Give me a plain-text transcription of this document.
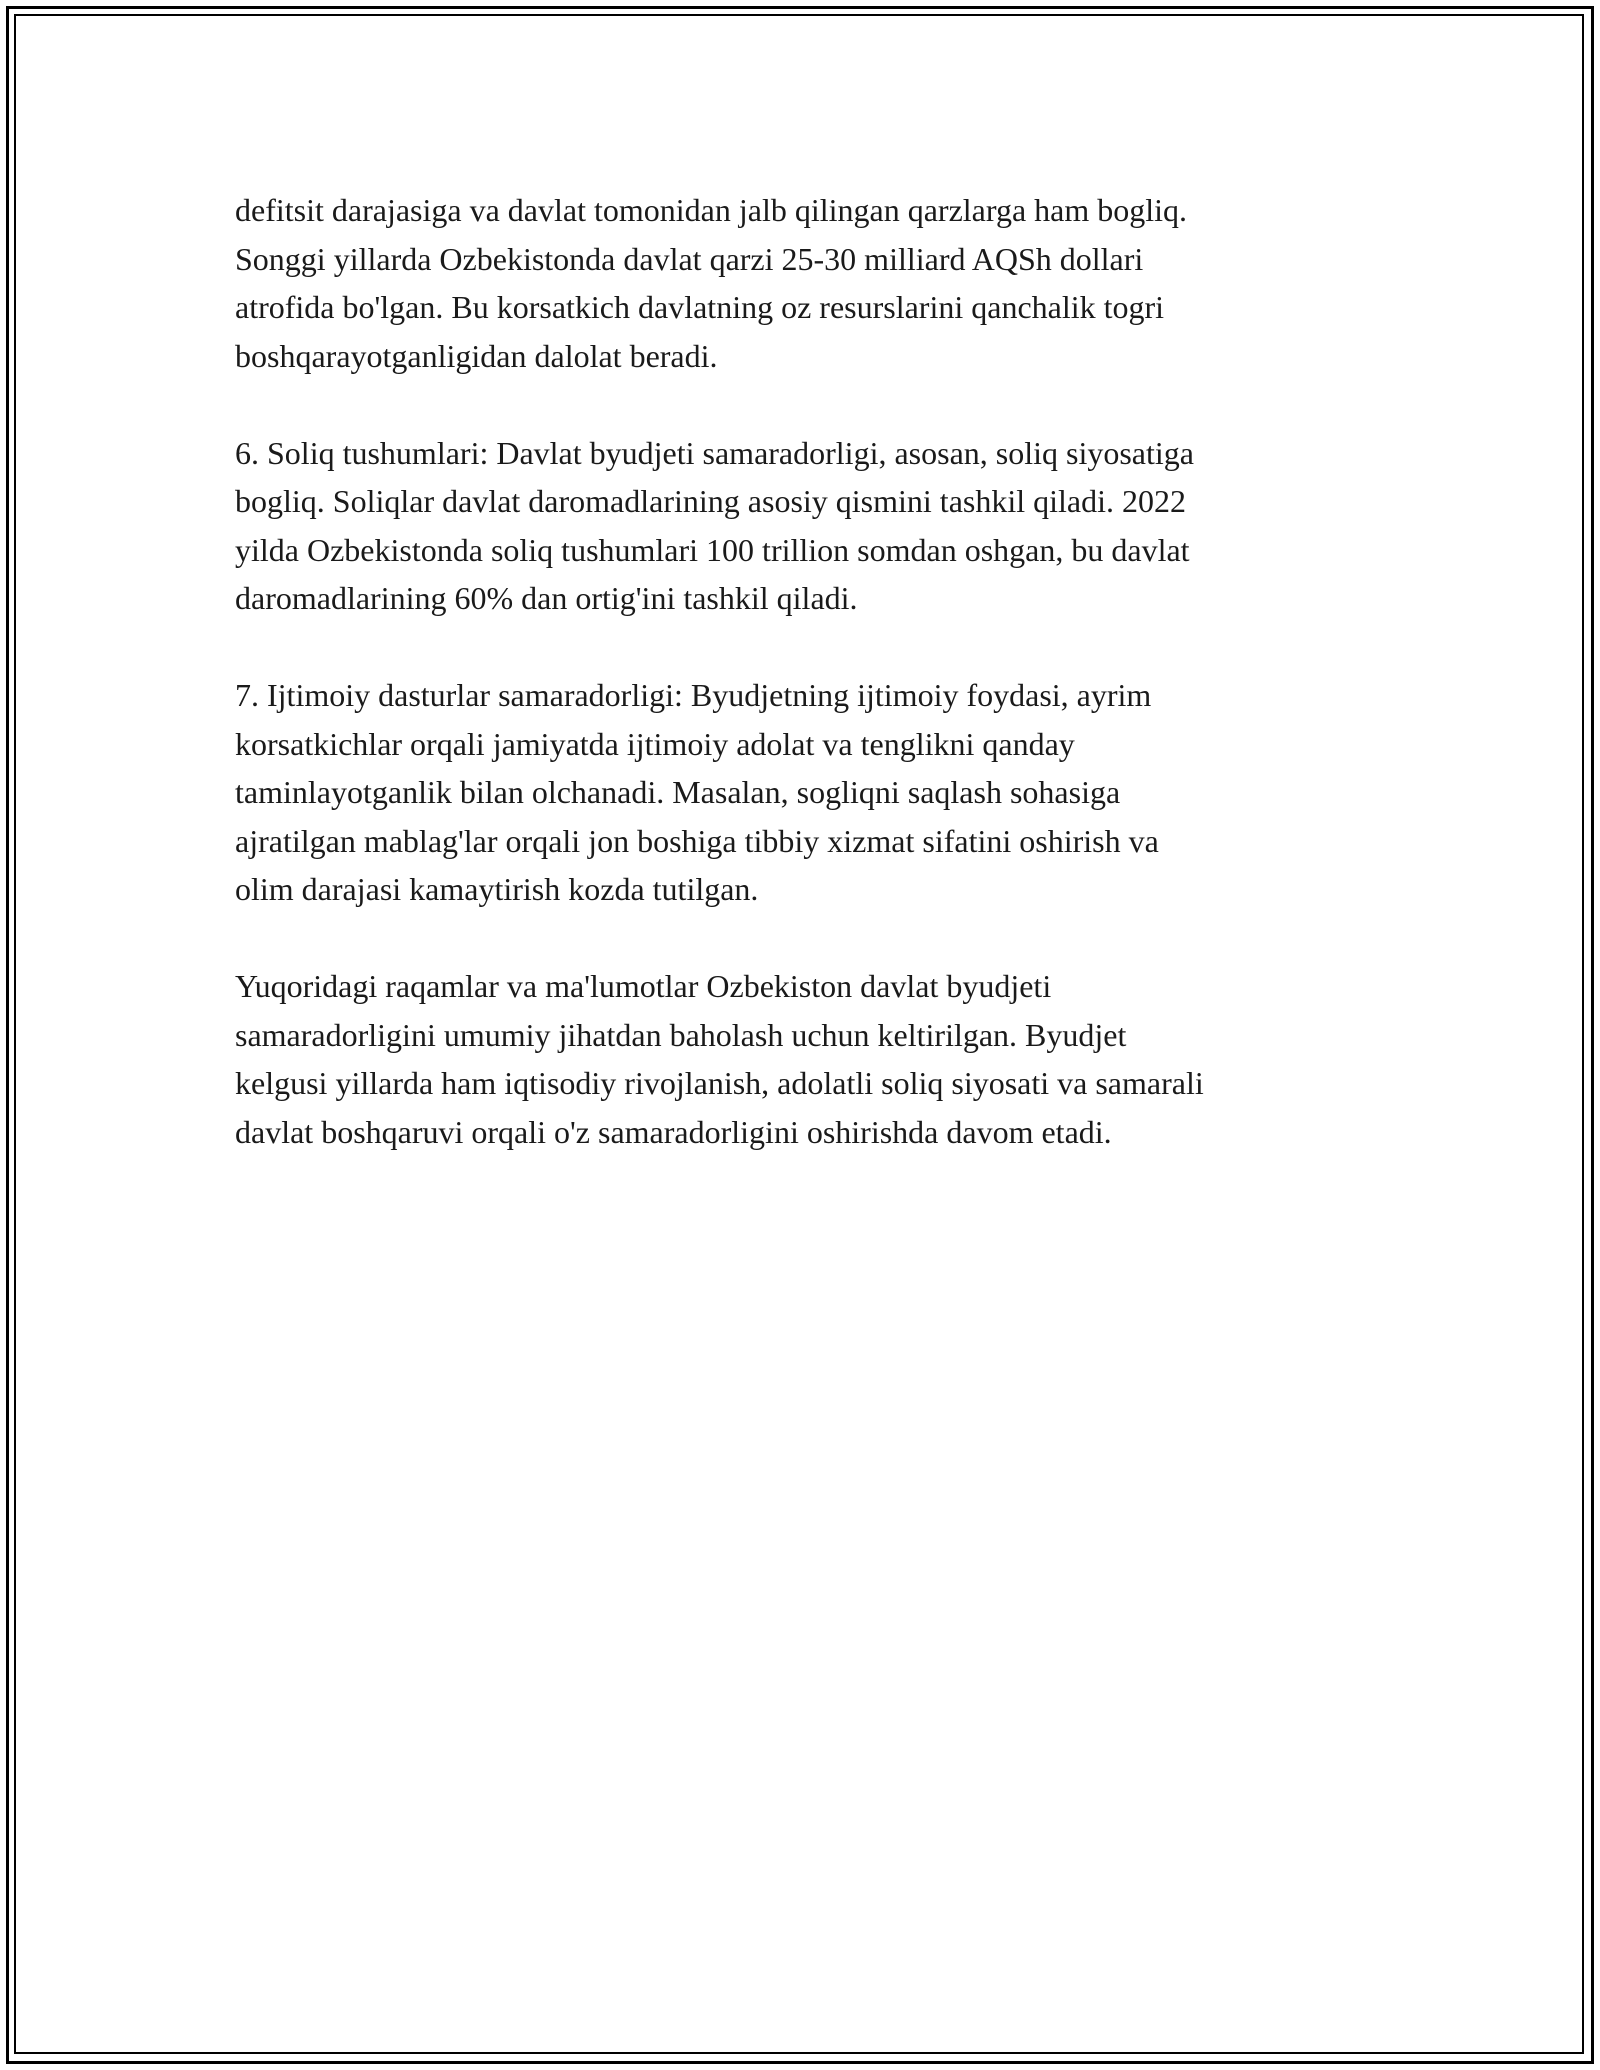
defitsit darajasiga va davlat tomonidan jalb qilingan qarzlarga ham bogliq.
Songgi yillarda Ozbekistonda davlat qarzi 25-30 milliard AQSh dollari
atrofida bo'lgan. Bu korsatkich davlatning oz resurslarini qanchalik togri
boshqarayotganligidan dalolat beradi.

6. Soliq tushumlari: Davlat byudjeti samaradorligi, asosan, soliq siyosatiga
bogliq. Soliqlar davlat daromadlarining asosiy qismini tashkil qiladi. 2022
yilda Ozbekistonda soliq tushumlari 100 trillion somdan oshgan, bu davlat
daromadlarining 60% dan ortig'ini tashkil qiladi.

7. Ijtimoiy dasturlar samaradorligi: Byudjetning ijtimoiy foydasi, ayrim
korsatkichlar orqali jamiyatda ijtimoiy adolat va tenglikni qanday
taminlayotganlik bilan olchanadi. Masalan, sogliqni saqlash sohasiga
ajratilgan mablag'lar orqali jon boshiga tibbiy xizmat sifatini oshirish va
olim darajasi kamaytirish kozda tutilgan.

Yuqoridagi raqamlar va ma'lumotlar Ozbekiston davlat byudjeti
samaradorligini umumiy jihatdan baholash uchun keltirilgan. Byudjet
kelgusi yillarda ham iqtisodiy rivojlanish, adolatli soliq siyosati va samarali
davlat boshqaruvi orqali o'z samaradorligini oshirishda davom etadi.
